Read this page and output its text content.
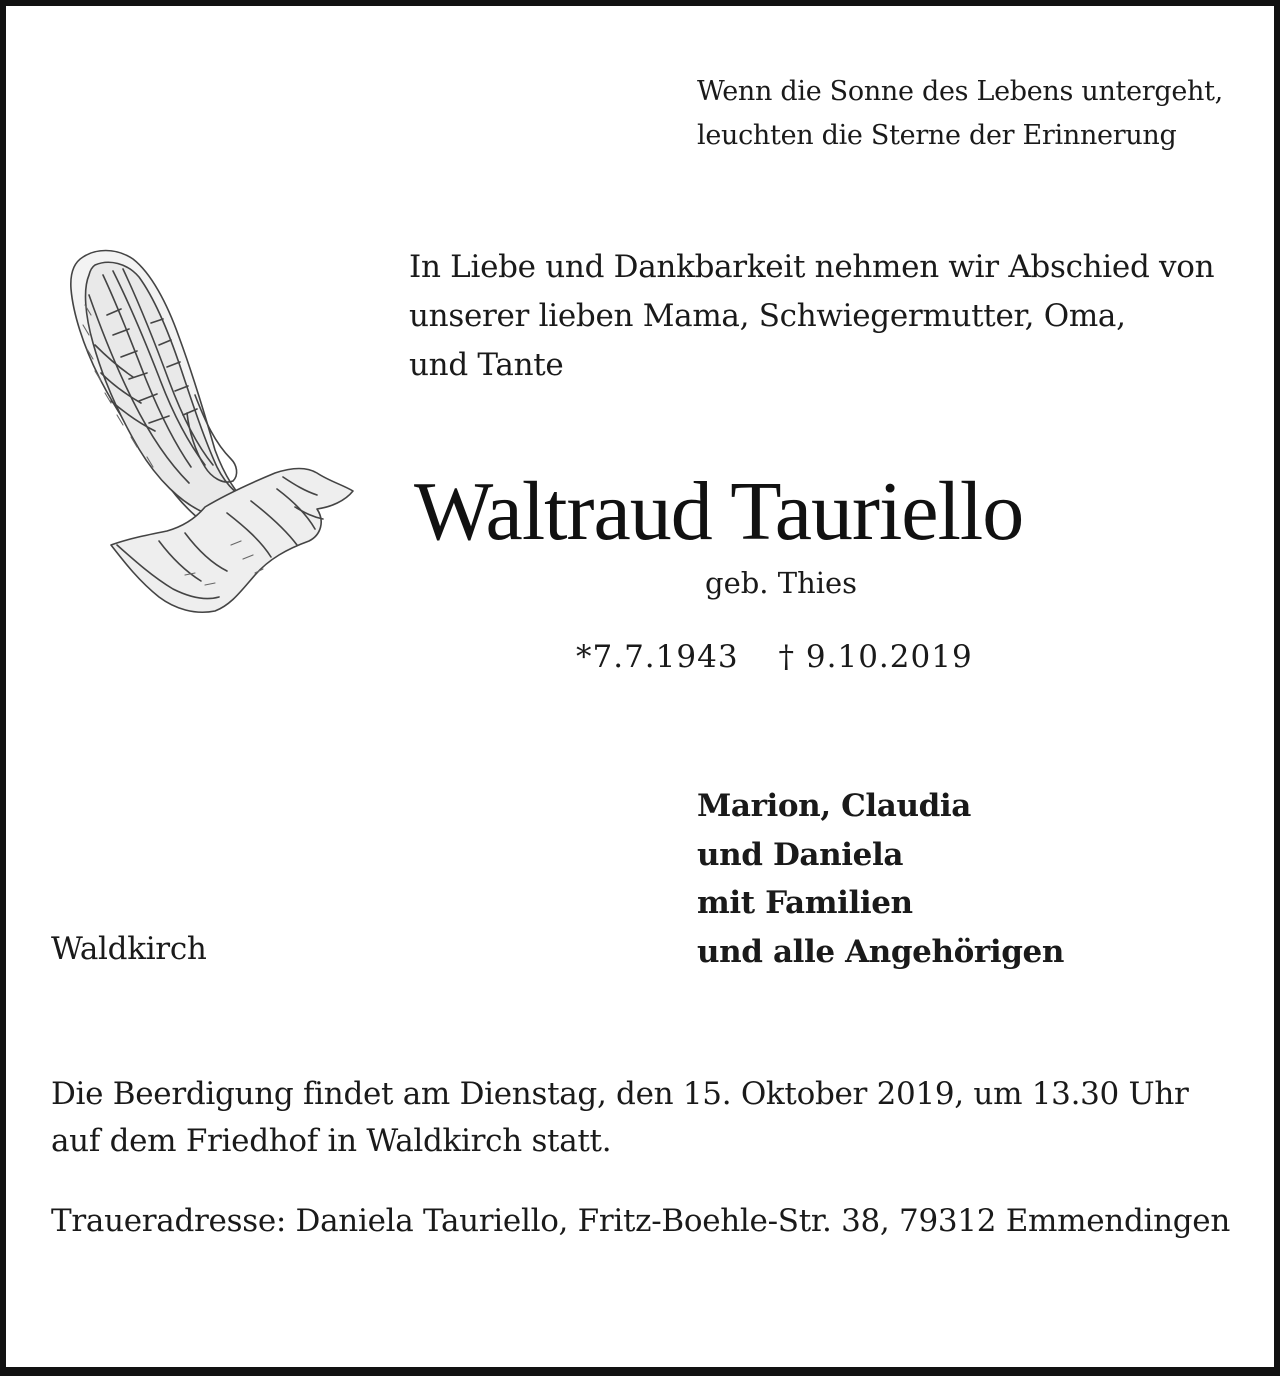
Wenn die Sonne des Lebens untergeht,
leuchten die Sterne der Erinnerung
In Liebe und Dankbarkeit nehmen wir Abschied von
unserer lieben Mama, Schwiegermutter, Oma,
und Tante
Waltraud Tauriello
geb. Thies
*7.7.1943 † 9.10.2019
Marion, Claudia
und Daniela
mit Familien
und alle Angehörigen
Waldkirch
Die Beerdigung findet am Dienstag, den 15. Oktober 2019, um 13.30 Uhr
auf dem Friedhof in Waldkirch statt.
Traueradresse: Daniela Tauriello, Fritz-Boehle-Str. 38, 79312 Emmendingen
